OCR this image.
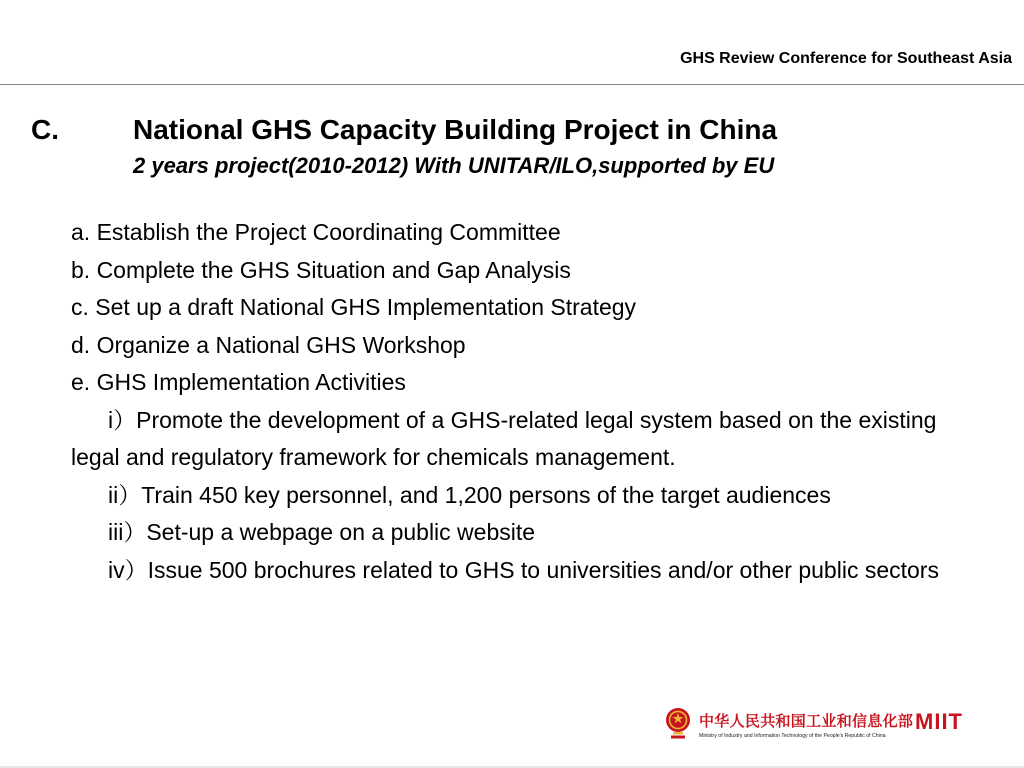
GHS Review Conference for Southeast Asia
C.	National GHS Capacity Building Project in China
2 years project(2010-2012) With UNITAR/ILO,supported by EU
a. Establish the Project Coordinating Committee
b. Complete the GHS Situation and Gap Analysis
c. Set up a draft National GHS Implementation Strategy
d. Organize a National GHS Workshop
e. GHS Implementation Activities
i）Promote the development of a GHS-related legal system based on the existing legal and regulatory framework for chemicals management.
ii）Train 450 key personnel, and 1,200 persons of the target audiences
iii）Set-up a webpage on a public website
iv）Issue 500 brochures related to GHS to universities and/or other public sectors
中华人民共和国工业和信息化部
Ministry of Industry and Information Technology of the People's Republic of China
MIIT
